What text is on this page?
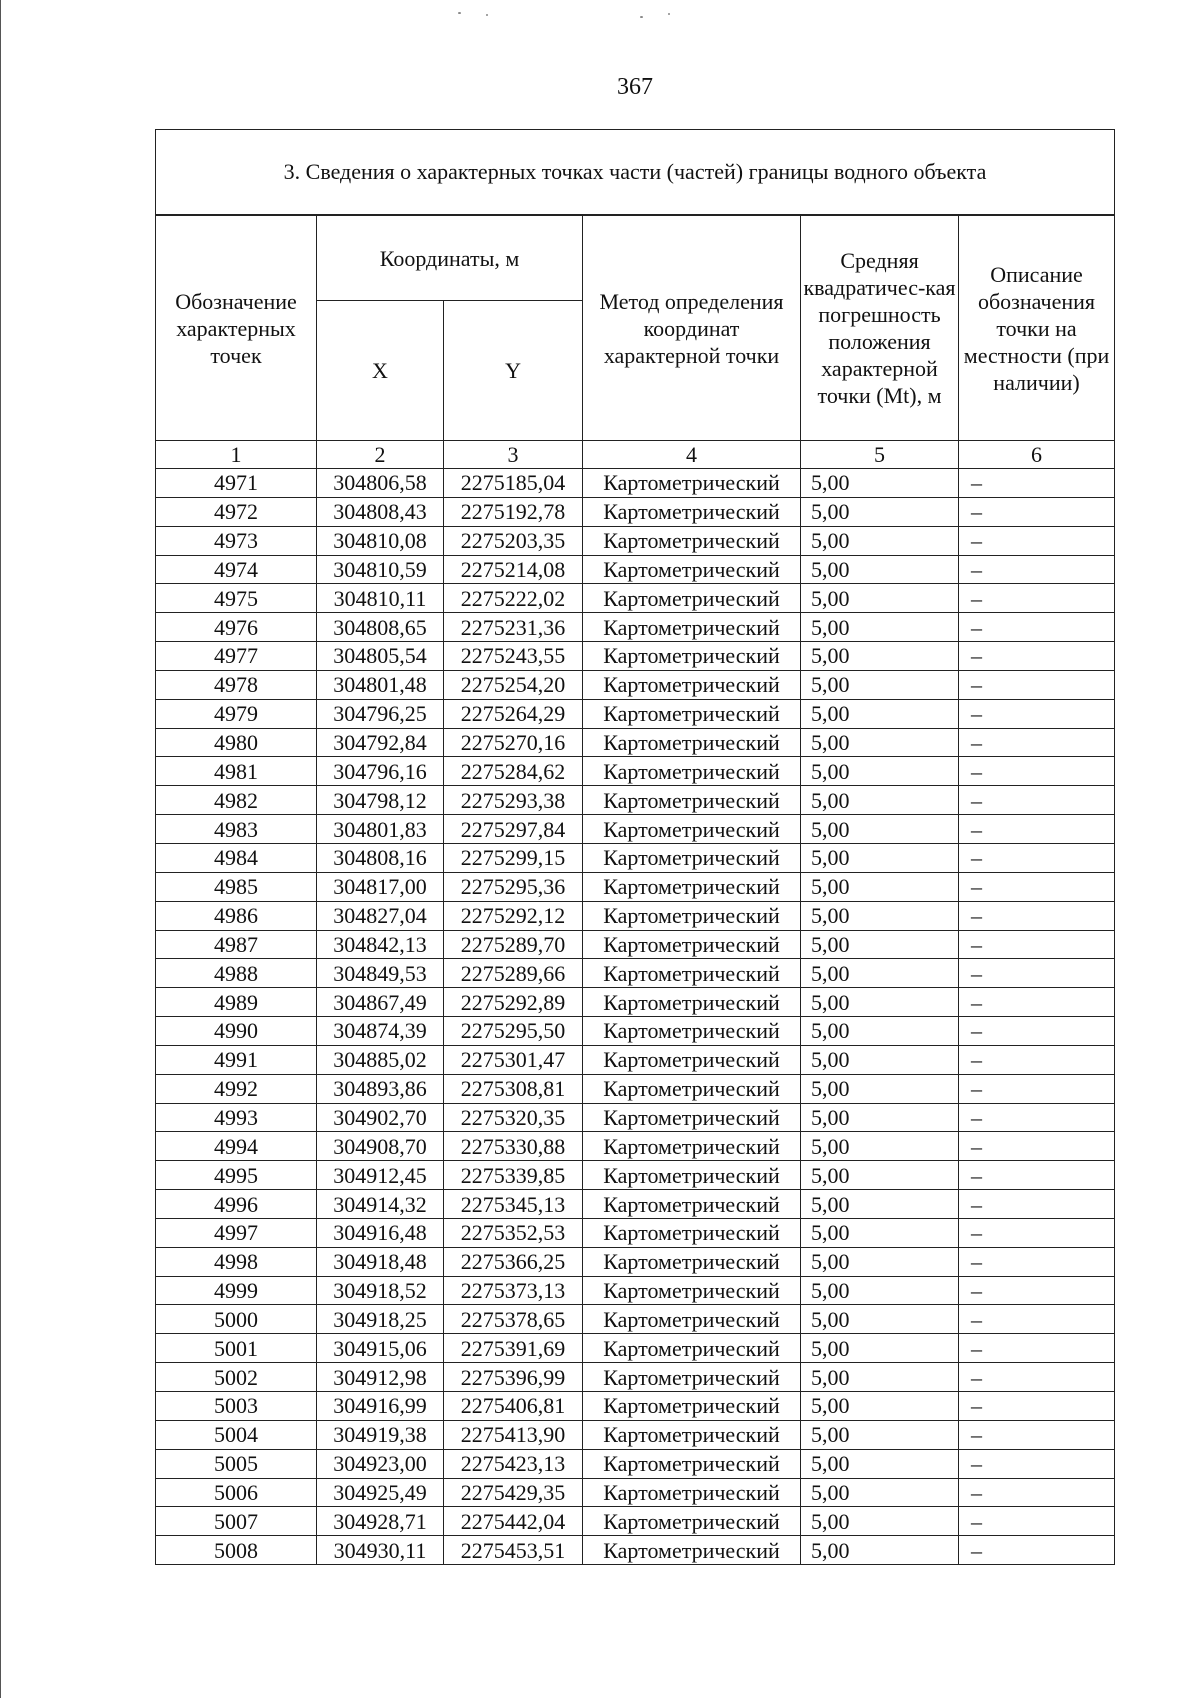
367
3. Сведения о характерных точках части (частей) границы водного объекта
Обозначение характерных точек	Координаты, м		Метод определения координат характерной точки	Средняя квадратичес-кая погрешность положения характерной точки (Mt), м	Описание обозначения точки на местности (при наличии)
	X	Y			
1	2	3	4	5	6
4971	304806,58	2275185,04	Картометрический	5,00	–
4972	304808,43	2275192,78	Картометрический	5,00	–
4973	304810,08	2275203,35	Картометрический	5,00	–
4974	304810,59	2275214,08	Картометрический	5,00	–
4975	304810,11	2275222,02	Картометрический	5,00	–
4976	304808,65	2275231,36	Картометрический	5,00	–
4977	304805,54	2275243,55	Картометрический	5,00	–
4978	304801,48	2275254,20	Картометрический	5,00	–
4979	304796,25	2275264,29	Картометрический	5,00	–
4980	304792,84	2275270,16	Картометрический	5,00	–
4981	304796,16	2275284,62	Картометрический	5,00	–
4982	304798,12	2275293,38	Картометрический	5,00	–
4983	304801,83	2275297,84	Картометрический	5,00	–
4984	304808,16	2275299,15	Картометрический	5,00	–
4985	304817,00	2275295,36	Картометрический	5,00	–
4986	304827,04	2275292,12	Картометрический	5,00	–
4987	304842,13	2275289,70	Картометрический	5,00	–
4988	304849,53	2275289,66	Картометрический	5,00	–
4989	304867,49	2275292,89	Картометрический	5,00	–
4990	304874,39	2275295,50	Картометрический	5,00	–
4991	304885,02	2275301,47	Картометрический	5,00	–
4992	304893,86	2275308,81	Картометрический	5,00	–
4993	304902,70	2275320,35	Картометрический	5,00	–
4994	304908,70	2275330,88	Картометрический	5,00	–
4995	304912,45	2275339,85	Картометрический	5,00	–
4996	304914,32	2275345,13	Картометрический	5,00	–
4997	304916,48	2275352,53	Картометрический	5,00	–
4998	304918,48	2275366,25	Картометрический	5,00	–
4999	304918,52	2275373,13	Картометрический	5,00	–
5000	304918,25	2275378,65	Картометрический	5,00	–
5001	304915,06	2275391,69	Картометрический	5,00	–
5002	304912,98	2275396,99	Картометрический	5,00	–
5003	304916,99	2275406,81	Картометрический	5,00	–
5004	304919,38	2275413,90	Картометрический	5,00	–
5005	304923,00	2275423,13	Картометрический	5,00	–
5006	304925,49	2275429,35	Картометрический	5,00	–
5007	304928,71	2275442,04	Картометрический	5,00	–
5008	304930,11	2275453,51	Картометрический	5,00	–
